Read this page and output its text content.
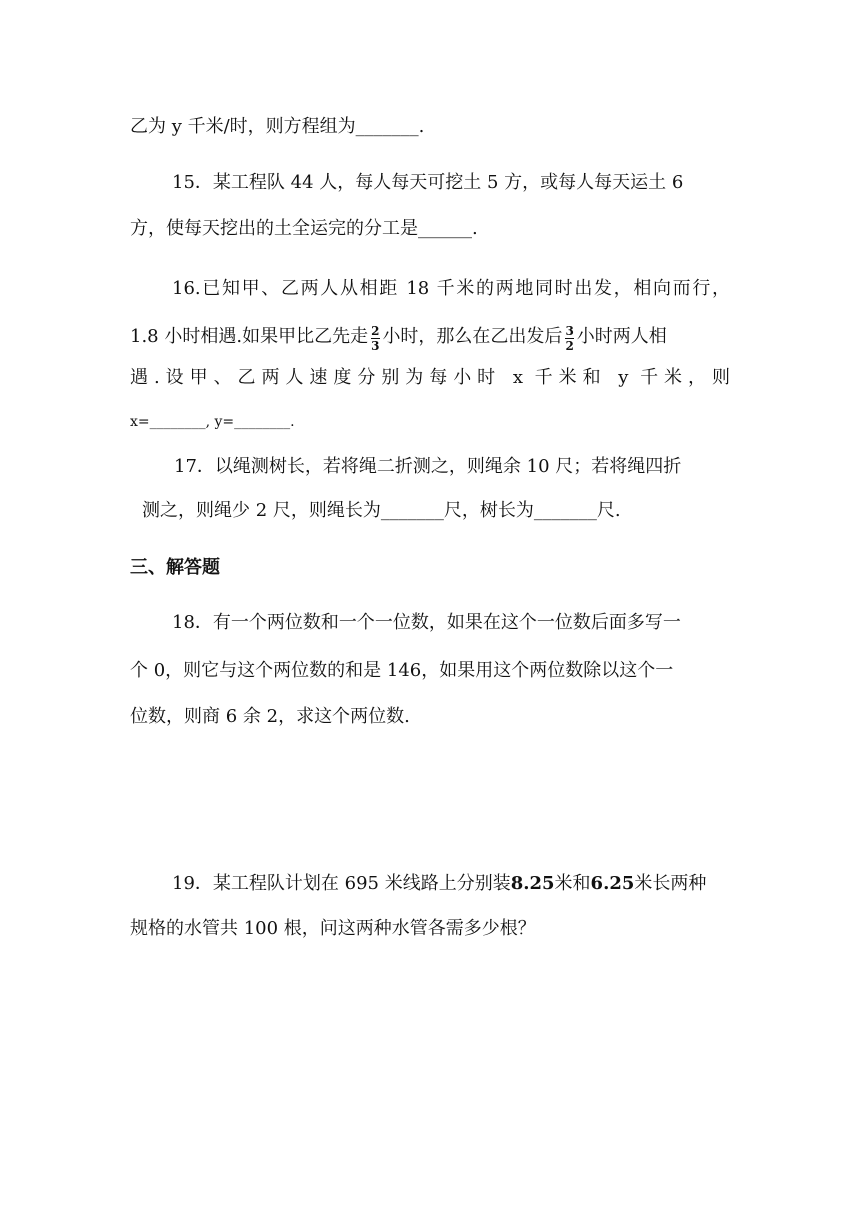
乙为 y 千米/时，则方程组为_______.
15．某工程队 44 人，每人每天可挖土 5 方，或每人每天运土 6
方，使每天挖出的土全运完的分工是______.
16.已知甲、乙两人从相距 18 千米的两地同时出发，相向而行，
1.8 小时相遇.如果甲比乙先走 $\frac{2}{3}$ 小时，那么在乙出发后 $\frac{3}{2}$ 小时两人相
遇.设甲、乙两人速度分别为每小时 x 千米和 y 千米，则
x=________, y=________.
17．以绳测树长，若将绳二折测之，则绳余 10 尺；若将绳四折
测之，则绳少 2 尺，则绳长为_______尺，树长为_______尺.
三、解答题
18．有一个两位数和一个一位数，如果在这个一位数后面多写一
个 0，则它与这个两位数的和是 146，如果用这个两位数除以这个一
位数，则商 6 余 2，求这个两位数.
19．某工程队计划在 695 米线路上分别装8.25米和6.25米长两种
规格的水管共 100 根，问这两种水管各需多少根？
